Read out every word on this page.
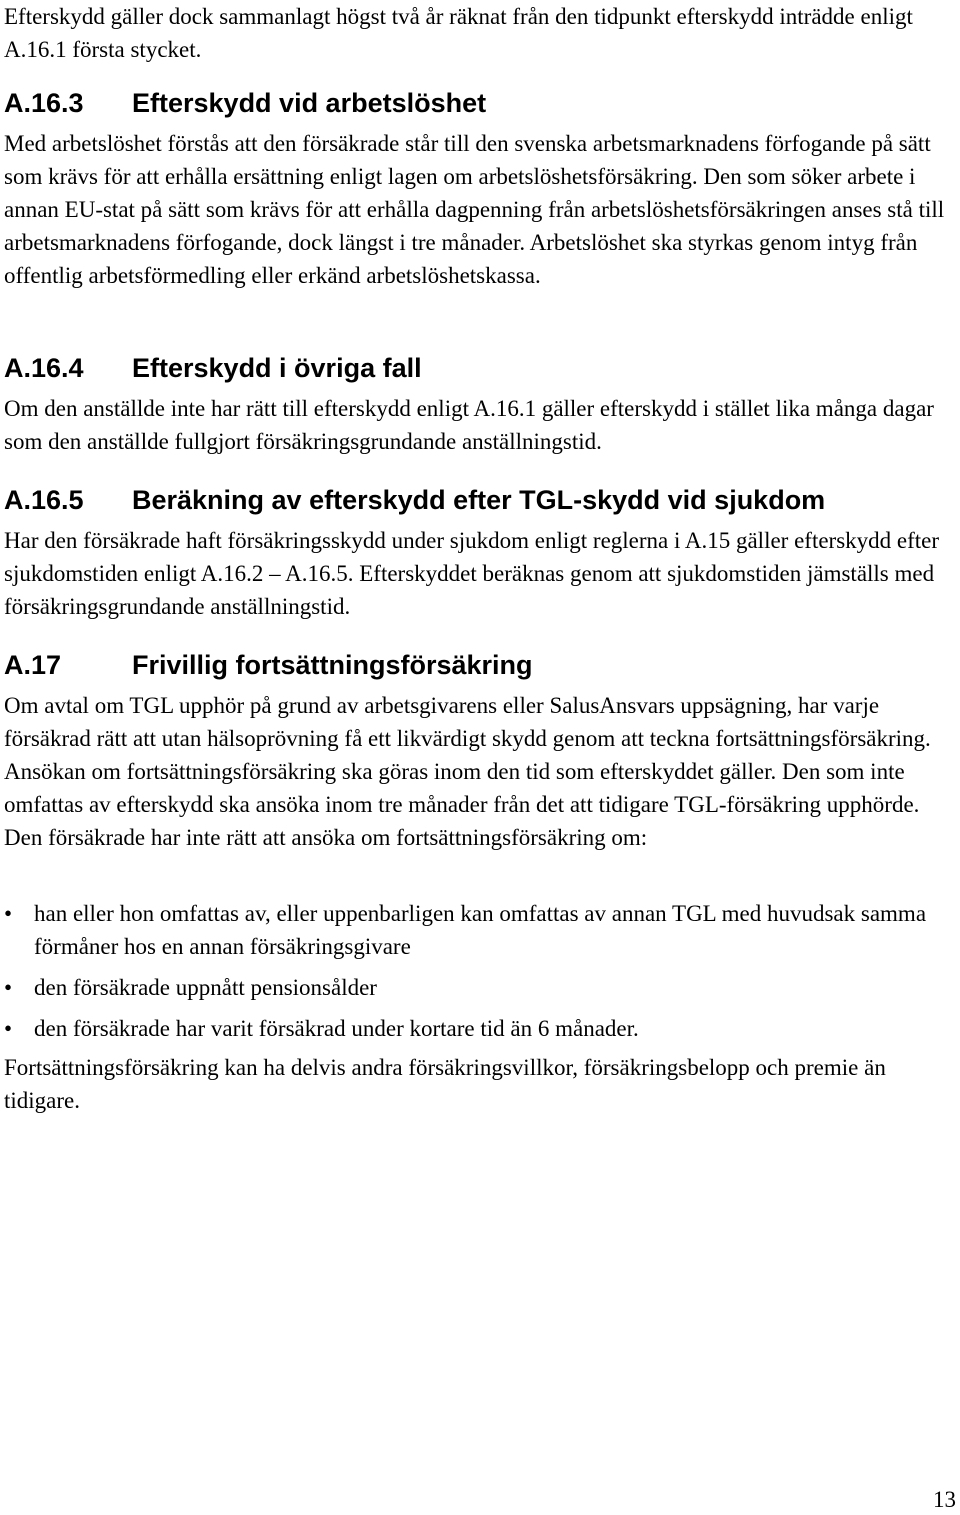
Efterskydd gäller dock sammanlagt högst två år räknat från den tidpunkt efterskydd inträdde enligt A.16.1 första stycket.

A.16.3 Efterskydd vid arbetslöshet

Med arbetslöshet förstås att den försäkrade står till den svenska arbetsmarknadens förfogande på sätt som krävs för att erhålla ersättning enligt lagen om arbetslöshetsförsäkring. Den som söker arbete i annan EU-stat på sätt som krävs för att erhålla dagpenning från arbetslöshetsförsäkringen anses stå till arbetsmarknadens förfogande, dock längst i tre månader. Arbetslöshet ska styrkas genom intyg från offentlig arbetsförmedling eller erkänd arbetslöshetskassa.

A.16.4 Efterskydd i övriga fall

Om den anställde inte har rätt till efterskydd enligt A.16.1 gäller efterskydd i stället lika många dagar som den anställde fullgjort försäkringsgrundande anställningstid.

A.16.5 Beräkning av efterskydd efter TGL-skydd vid sjukdom

Har den försäkrade haft försäkringsskydd under sjukdom enligt reglerna i A.15 gäller efterskydd efter sjukdomstiden enligt A.16.2 – A.16.5. Efterskyddet beräknas genom att sjukdomstiden jämställs med försäkringsgrundande anställningstid.

A.17	Frivillig fortsättningsförsäkring

Om avtal om TGL upphör på grund av arbetsgivarens eller SalusAnsvars uppsägning, har varje försäkrad rätt att utan hälsoprövning få ett likvärdigt skydd genom att teckna fortsättningsförsäkring. Ansökan om fortsättningsförsäkring ska göras inom den tid som efterskyddet gäller. Den som inte omfattas av efterskydd ska ansöka inom tre månader från det att tidigare TGL-försäkring upphörde. Den försäkrade har inte rätt att ansöka om fortsättningsförsäkring om:

• han eller hon omfattas av, eller uppenbarligen kan omfattas av annan TGL med huvudsak samma förmåner hos en annan försäkringsgivare
• den försäkrade uppnått pensionsålder
• den försäkrade har varit försäkrad under kortare tid än 6 månader.

Fortsättningsförsäkring kan ha delvis andra försäkringsvillkor, försäkringsbelopp och premie än tidigare.

13
